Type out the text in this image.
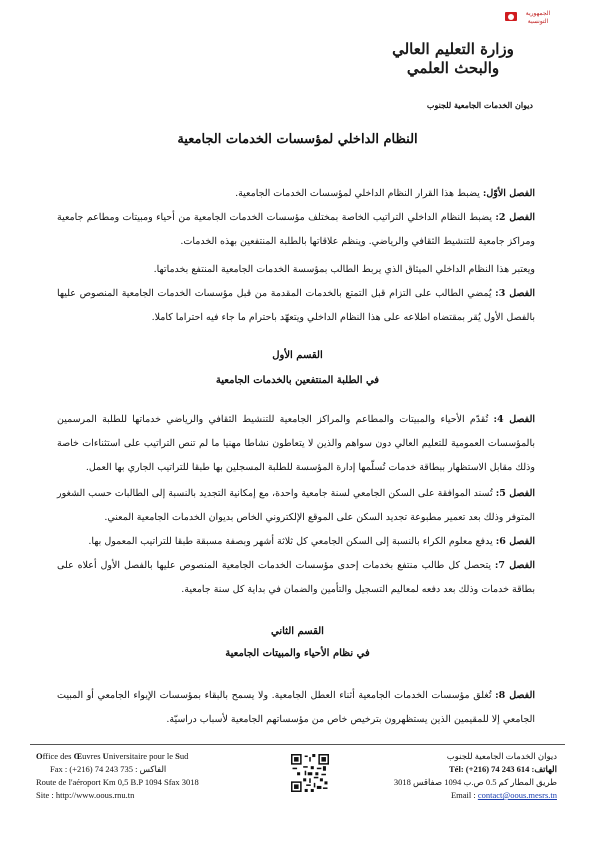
الجمهورية التونسية
وزارة التعليم العالي
والبحث العلمي
ديوان الخدمات الجامعية للجنوب
النظام الداخلي لمؤسسات الخدمات الجامعية
الفصل الأوّل: يضبط هذا القرار النظام الداخلي لمؤسسات الخدمات الجامعية.
الفصل 2: يضبط النظام الداخلي التراتيب الخاصة بمختلف مؤسسات الخدمات الجامعية من أحياء ومبيتات ومطاعم جامعية ومراكز جامعية للتنشيط الثقافي والرياضي. وينظم علاقاتها بالطلبة المنتفعين بهذه الخدمات.
ويعتبر هذا النظام الداخلي الميثاق الذي يربط الطالب بمؤسسة الخدمات الجامعية المنتفع بخدماتها.
الفصل 3: يُمضي الطالب على التزام قبل التمتع بالخدمات المقدمة من قبل مؤسسات الخدمات الجامعية المنصوص عليها بالفصل الأول يُقر بمقتضاه اطلاعه على هذا النظام الداخلي ويتعهّد باحترام ما جاء فيه احتراما كاملا.
القسم الأول
في الطلبة المنتفعين بالخدمات الجامعية
الفصل 4: تُقدّم الأحياء والمبيتات والمطاعم والمراكز الجامعية للتنشيط الثقافي والرياضي خدماتها للطلبة المرسمين بالمؤسسات العمومية للتعليم العالي دون سواهم والذين لا يتعاطون نشاطا مهنيا ما لم تنص التراتيب على استثناءات خاصة وذلك مقابل الاستظهار ببطاقة خدمات تُسلّمها إدارة المؤسسة للطلبة المسجلين بها طبقا للتراتيب الجاري بها العمل.
الفصل 5: تُسند الموافقة على السكن الجامعي لسنة جامعية واحدة، مع إمكانية التجديد بالنسبة إلى الطالبات حسب الشغور المتوفر وذلك بعد تعمير مطبوعة تجديد السكن على الموقع الإلكتروني الخاص بديوان الخدمات الجامعية المعني.
الفصل 6: يدفع معلوم الكراء بالنسبة إلى السكن الجامعي كل ثلاثة أشهر وبصفة مسبقة طبقا للتراتيب المعمول بها.
الفصل 7: يتحصل كل طالب منتفع بخدمات إحدى مؤسسات الخدمات الجامعية المنصوص عليها بالفصل الأول أعلاه على بطاقة خدمات وذلك بعد دفعه لمعاليم التسجيل والتأمين والضمان في بداية كل سنة جامعية.
القسم الثاني
في نظام الأحياء والمبيتات الجامعية
الفصل 8: تُغلق مؤسسات الخدمات الجامعية أثناء العطل الجامعية. ولا يسمح بالبقاء بمؤسسات الإيواء الجامعي أو المبيت الجامعي إلا للمقيمين الذين يستظهرون بترخيص خاص من مؤسساتهم الجامعية لأسباب دراسيّة.
Office des Œuvres Universitaire pour le Sud
Fax : (+216) 74 243 735 : الفاكس
Route de l'aéroport Km 0,5 B.P 1094 Sfax 3018
Site : http://www.oous.rnu.tn
ديوان الخدمات الجامعية للجنوب
Tél: (+216) 74 243 614 :الهاتف
طريق المطار كم 0.5 ص.ب 1094 صفاقس 3018
Email : contact@oous.mesrs.tn
